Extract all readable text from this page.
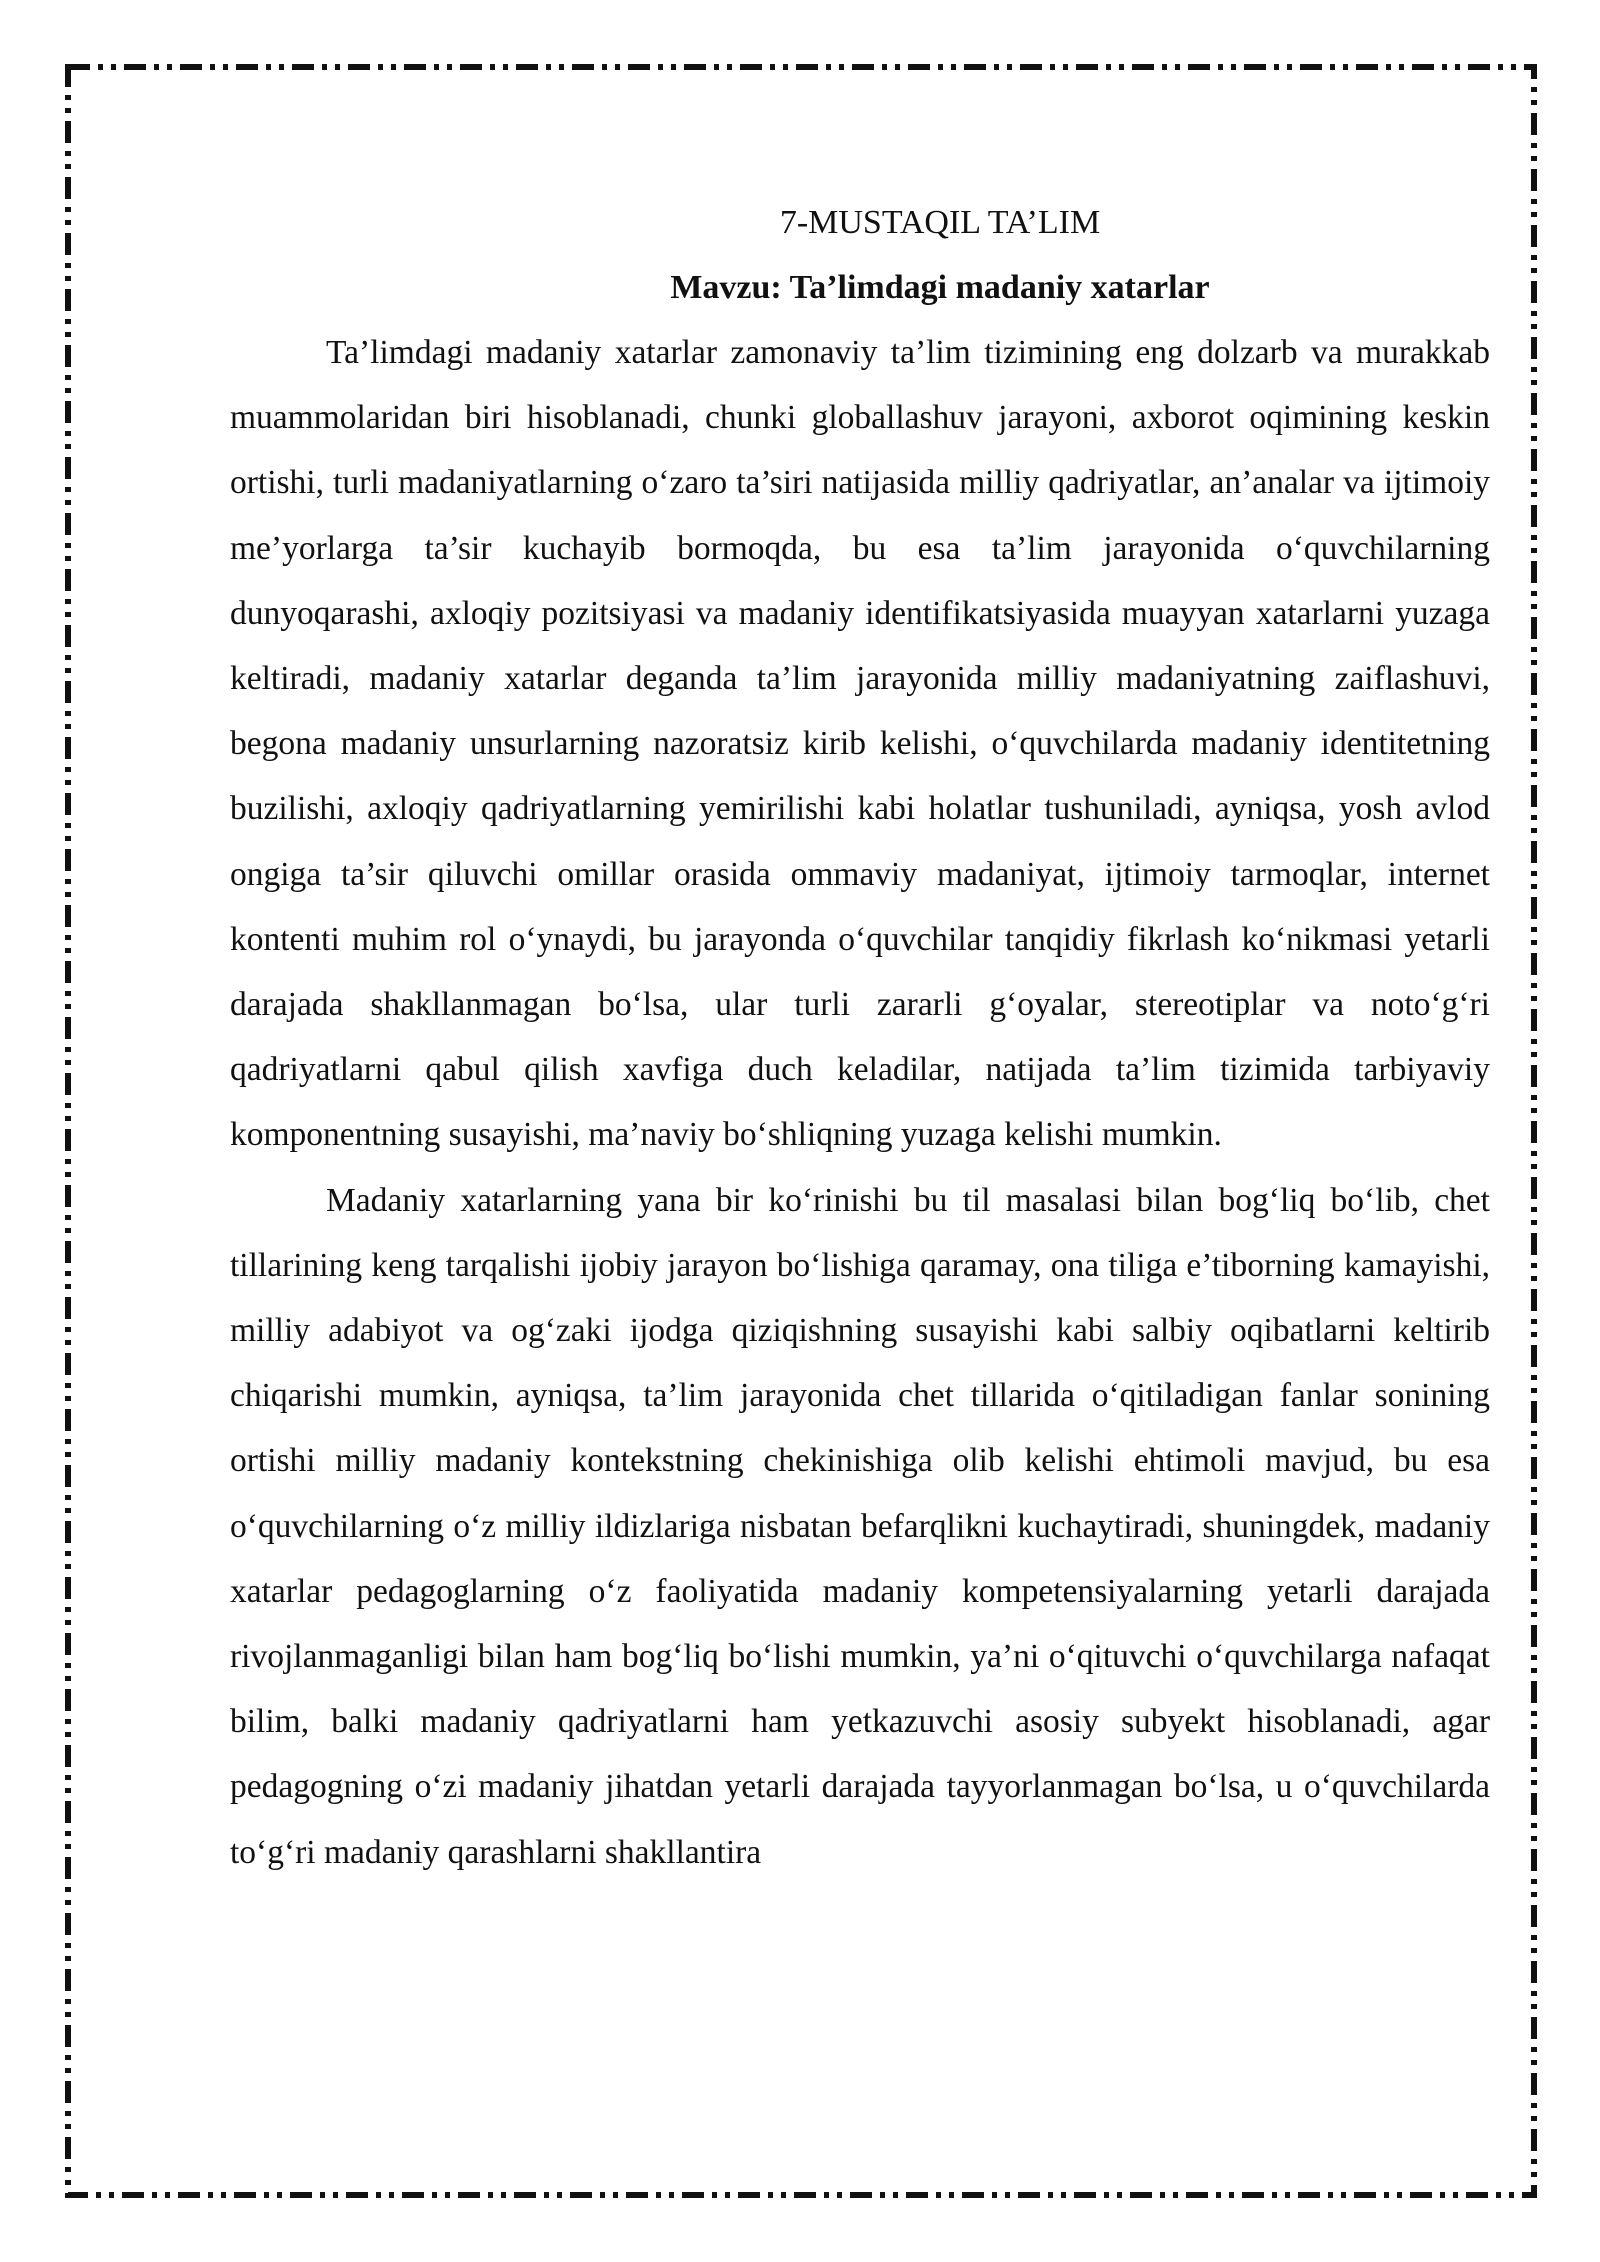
7-MUSTAQIL TA’LIM

Mavzu: Ta’limdagi madaniy xatarlar

Ta’limdagi madaniy xatarlar zamonaviy ta’lim tizimining eng dolzarb va murakkab muammolaridan biri hisoblanadi, chunki globallashuv jarayoni, axborot oqimining keskin ortishi, turli madaniyatlarning o‘zaro ta’siri natijasida milliy qadriyatlar, an’analar va ijtimoiy me’yorlarga ta’sir kuchayib bormoqda, bu esa ta’lim jarayonida o‘quvchilarning dunyoqarashi, axloqiy pozitsiyasi va madaniy identifikatsiyasida muayyan xatarlarni yuzaga keltiradi, madaniy xatarlar deganda ta’lim jarayonida milliy madaniyatning zaiflashuvi, begona madaniy unsurlarning nazoratsiz kirib kelishi, o‘quvchilarda madaniy identitetning buzilishi, axloqiy qadriyatlarning yemirilishi kabi holatlar tushuniladi, ayniqsa, yosh avlod ongiga ta’sir qiluvchi omillar orasida ommaviy madaniyat, ijtimoiy tarmoqlar, internet kontenti muhim rol o‘ynaydi, bu jarayonda o‘quvchilar tanqidiy fikrlash ko‘nikmasi yetarli darajada shakllanmagan bo‘lsa, ular turli zararli g‘oyalar, stereotiplar va noto‘g‘ri qadriyatlarni qabul qilish xavfiga duch keladilar, natijada ta’lim tizimida tarbiyaviy komponentning susayishi, ma’naviy bo‘shliqning yuzaga kelishi mumkin.

Madaniy xatarlarning yana bir ko‘rinishi bu til masalasi bilan bog‘liq bo‘lib, chet tillarining keng tarqalishi ijobiy jarayon bo‘lishiga qaramay, ona tiliga e’tiborning kamayishi, milliy adabiyot va og‘zaki ijodga qiziqishning susayishi kabi salbiy oqibatlarni keltirib chiqarishi mumkin, ayniqsa, ta’lim jarayonida chet tillarida o‘qitiladigan fanlar sonining ortishi milliy madaniy kontekstning chekinishiga olib kelishi ehtimoli mavjud, bu esa o‘quvchilarning o‘z milliy ildizlariga nisbatan befarqlikni kuchaytiradi, shuningdek, madaniy xatarlar pedagoglarning o‘z faoliyatida madaniy kompetensiyalarning yetarli darajada rivojlanmaganligi bilan ham bog‘liq bo‘lishi mumkin, ya’ni o‘qituvchi o‘quvchilarga nafaqat bilim, balki madaniy qadriyatlarni ham yetkazuvchi asosiy subyekt hisoblanadi, agar pedagogning o‘zi madaniy jihatdan yetarli darajada tayyorlanmagan bo‘lsa, u o‘quvchilarda to‘g‘ri madaniy qarashlarni shakllantira
